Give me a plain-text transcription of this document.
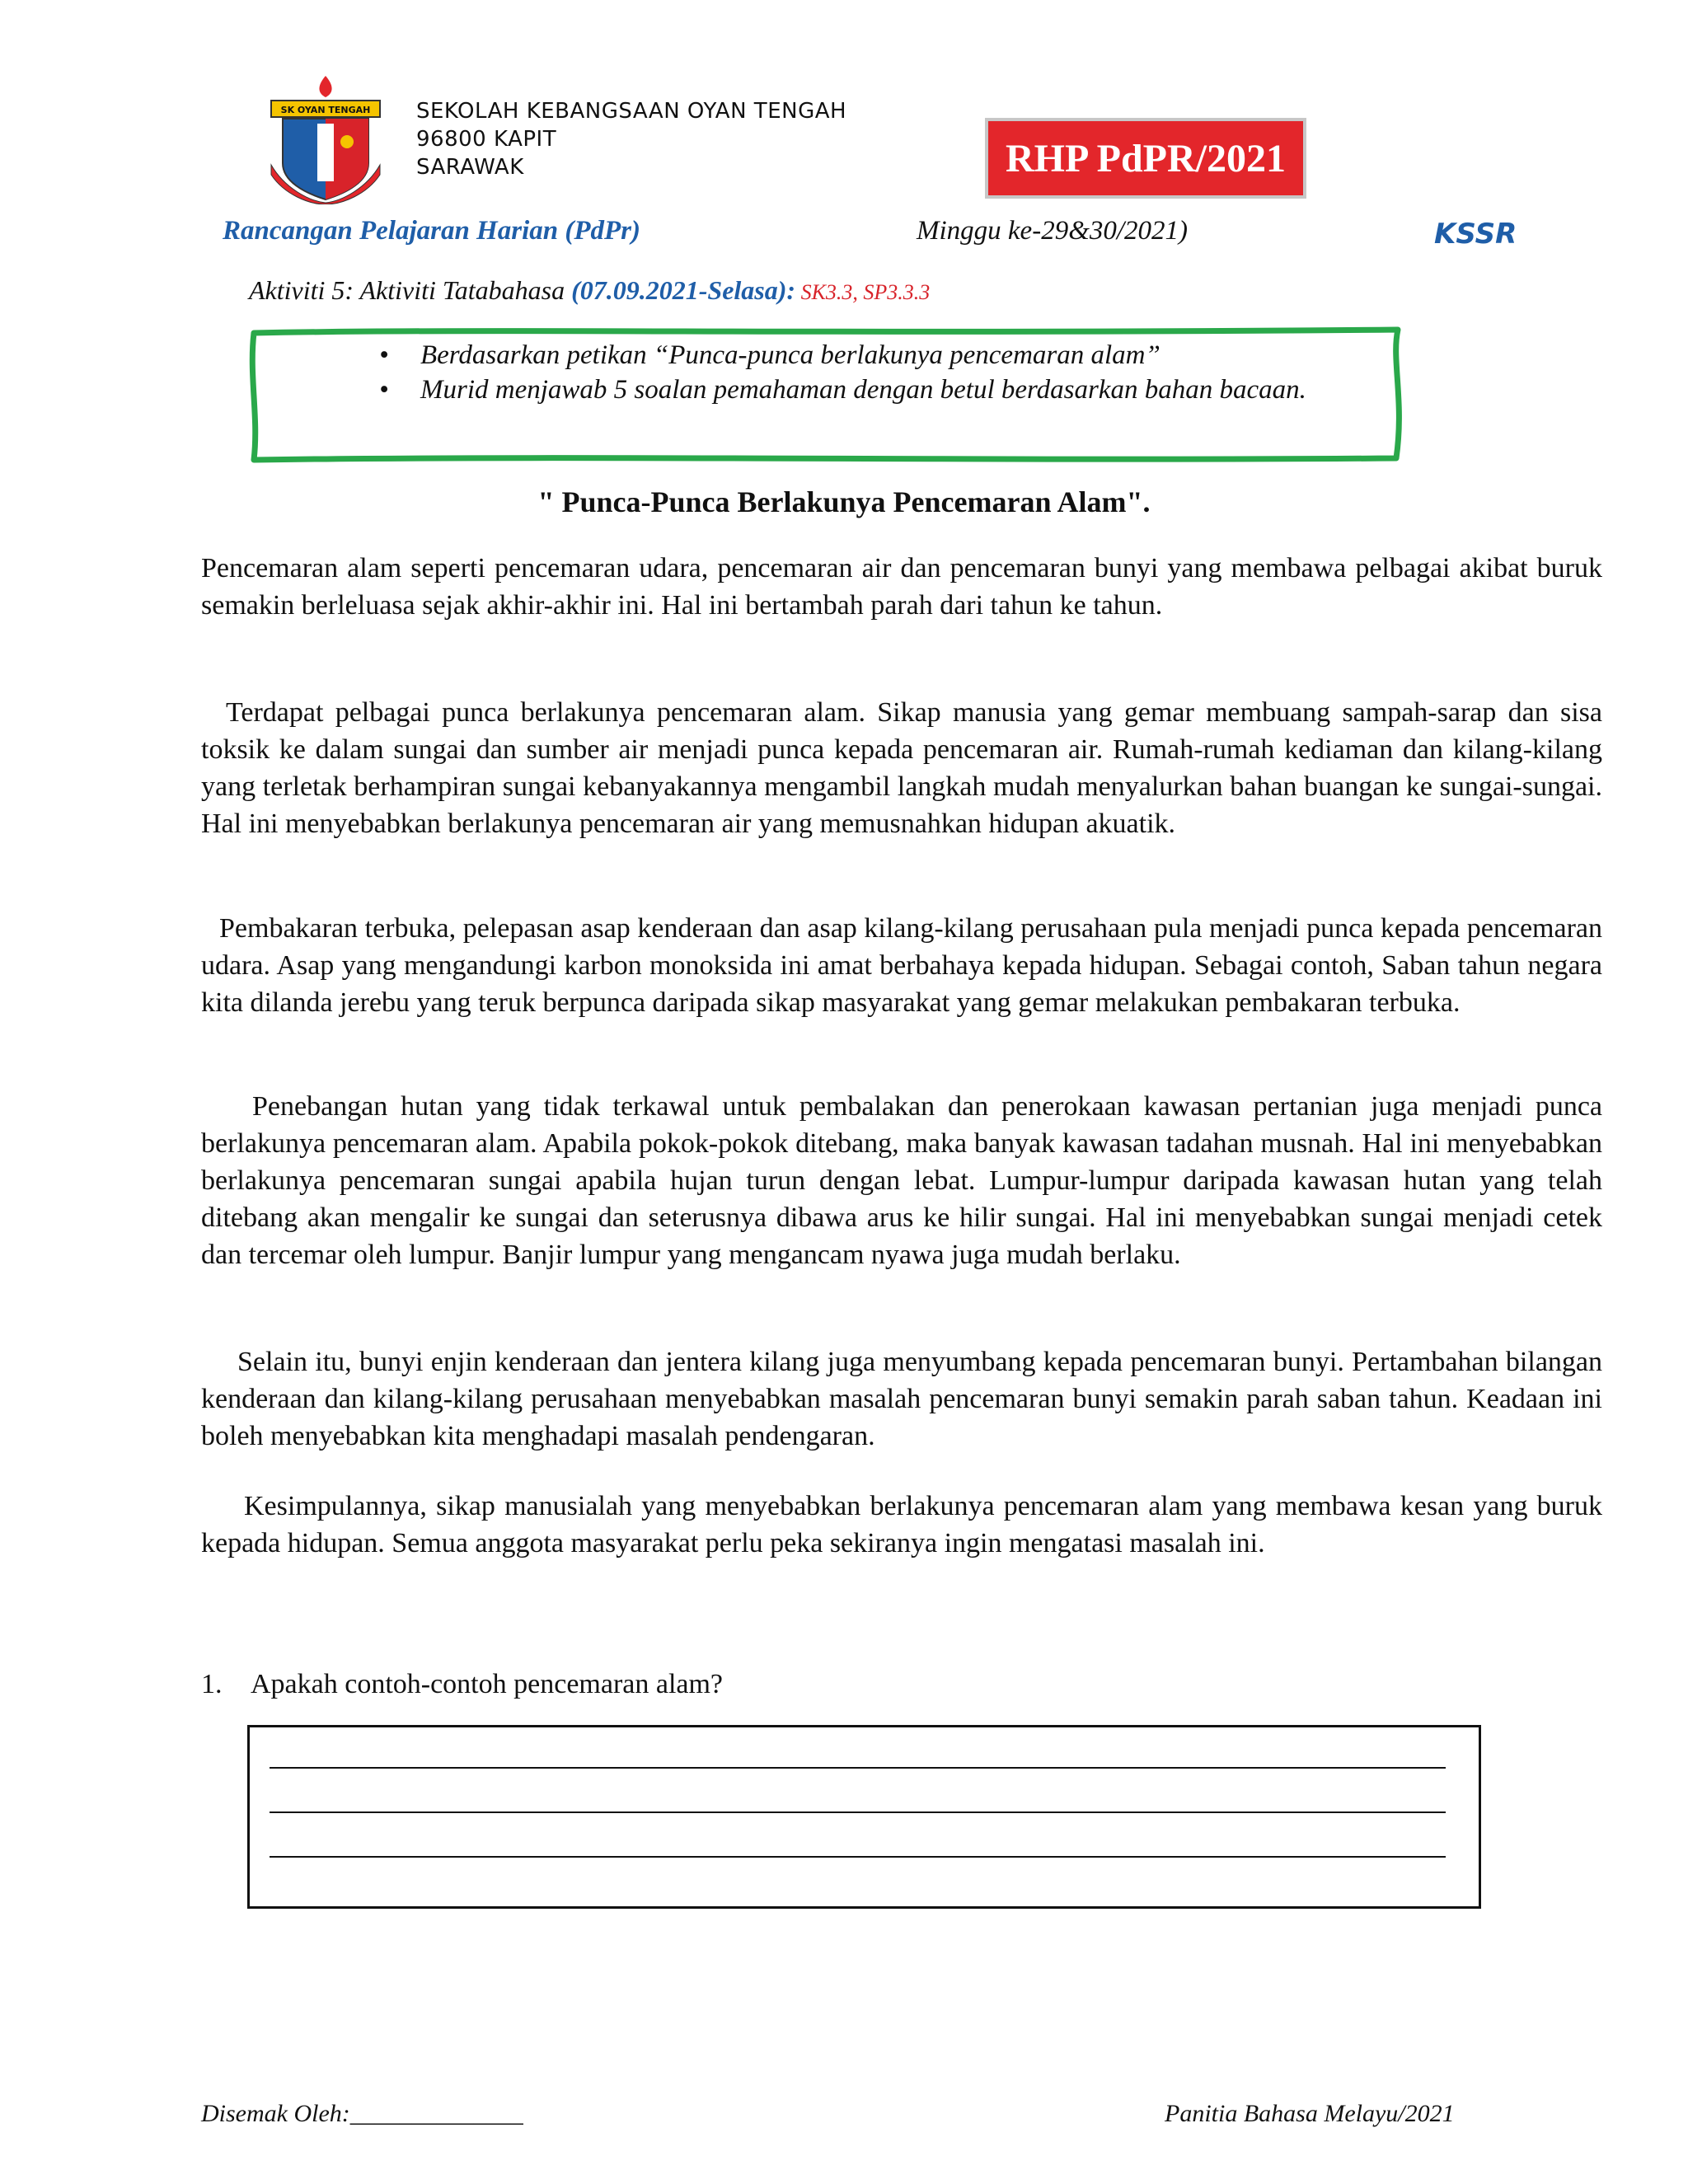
SK OYAN TENGAH SEKOLAH KEBANGSAAN OYAN TENGAH
96800 KAPIT
SARAWAK	RHP PdPR/2021
Rancangan Pelajaran Harian (PdPr)	Minggu ke-29&30/2021)	KSSR
Aktiviti 5: Aktiviti Tatabahasa (07.09.2021-Selasa): SK3.3, SP3.3.3
• Berdasarkan petikan “Punca-punca berlakunya pencemaran alam”
• Murid menjawab 5 soalan pemahaman dengan betul berdasarkan bahan bacaan.
" Punca-Punca Berlakunya Pencemaran Alam".
Pencemaran alam seperti pencemaran udara, pencemaran air dan pencemaran bunyi yang membawa pelbagai akibat buruk semakin berleluasa sejak akhir-akhir ini. Hal ini bertambah parah dari tahun ke tahun.
Terdapat pelbagai punca berlakunya pencemaran alam. Sikap manusia yang gemar membuang sampah-sarap dan sisa toksik ke dalam sungai dan sumber air menjadi punca kepada pencemaran air. Rumah-rumah kediaman dan kilang-kilang yang terletak berhampiran sungai kebanyakannya mengambil langkah mudah menyalurkan bahan buangan ke sungai-sungai. Hal ini menyebabkan berlakunya pencemaran air yang memusnahkan hidupan akuatik.
Pembakaran terbuka, pelepasan asap kenderaan dan asap kilang-kilang perusahaan pula menjadi punca kepada pencemaran udara. Asap yang mengandungi karbon monoksida ini amat berbahaya kepada hidupan. Sebagai contoh, Saban tahun negara kita dilanda jerebu yang teruk berpunca daripada sikap masyarakat yang gemar melakukan pembakaran terbuka.
Penebangan hutan yang tidak terkawal untuk pembalakan dan penerokaan kawasan pertanian juga menjadi punca berlakunya pencemaran alam. Apabila pokok-pokok ditebang, maka banyak kawasan tadahan musnah. Hal ini menyebabkan berlakunya pencemaran sungai apabila hujan turun dengan lebat. Lumpur-lumpur daripada kawasan hutan yang telah ditebang akan mengalir ke sungai dan seterusnya dibawa arus ke hilir sungai. Hal ini menyebabkan sungai menjadi cetek dan tercemar oleh lumpur. Banjir lumpur yang mengancam nyawa juga mudah berlaku.
Selain itu, bunyi enjin kenderaan dan jentera kilang juga menyumbang kepada pencemaran bunyi. Pertambahan bilangan kenderaan dan kilang-kilang perusahaan menyebabkan masalah pencemaran bunyi semakin parah saban tahun. Keadaan ini boleh menyebabkan kita menghadapi masalah pendengaran.
Kesimpulannya, sikap manusialah yang menyebabkan berlakunya pencemaran alam yang membawa kesan yang buruk kepada hidupan. Semua anggota masyarakat perlu peka sekiranya ingin mengatasi masalah ini.
1. Apakah contoh-contoh pencemaran alam?
Disemak Oleh:______________	Panitia Bahasa Melayu/2021
